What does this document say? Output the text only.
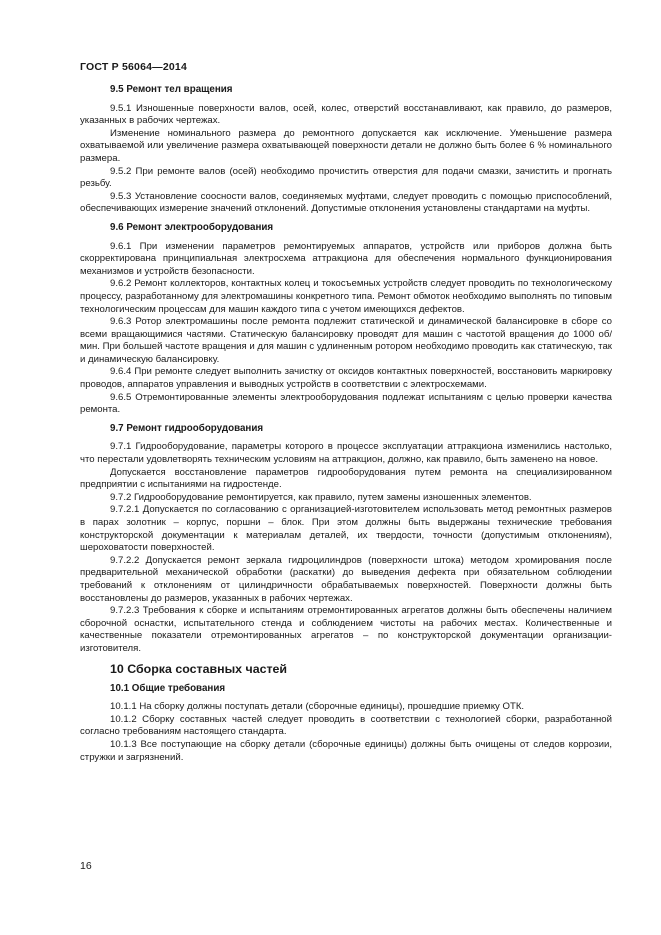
ГОСТ Р 56064—2014
9.5 Ремонт тел вращения

9.5.1 Изношенные поверхности валов, осей, колес, отверстий восстанавливают, как правило, до размеров, указанных в рабочих чертежах.

Изменение номинального размера до ремонтного допускается как исключение. Уменьшение размера охватываемой или увеличение размера охватывающей поверхности детали не должно быть более 6 % номинального размера.

9.5.2 При ремонте валов (осей) необходимо прочистить отверстия для подачи смазки, зачистить и прогнать резьбу.

9.5.3 Установление соосности валов, соединяемых муфтами, следует проводить с помощью приспособлений, обеспечивающих измерение значений отклонений. Допустимые отклонения установлены стандартами на муфты.

9.6 Ремонт электрооборудования

9.6.1 При изменении параметров ремонтируемых аппаратов, устройств или приборов должна быть скорректирована принципиальная электросхема аттракциона для обеспечения нормального функционирования механизмов и устройств безопасности.

9.6.2 Ремонт коллекторов, контактных колец и токосъемных устройств следует проводить по технологическому процессу, разработанному для электромашины конкретного типа. Ремонт обмоток необходимо выполнять по типовым технологическим процессам для машин каждого типа с учетом имеющихся дефектов.

9.6.3 Ротор электромашины после ремонта подлежит статической и динамической балансировке в сборе со всеми вращающимися частями. Статическую балансировку проводят для машин с частотой вращения до 1000 об/мин. При большей частоте вращения и для машин с удлиненным ротором необходимо проводить как статическую, так и динамическую балансировку.

9.6.4 При ремонте следует выполнить зачистку от оксидов контактных поверхностей, восстановить маркировку проводов, аппаратов управления и выводных устройств в соответствии с электросхемами.

9.6.5 Отремонтированные элементы электрооборудования подлежат испытаниям с целью проверки качества ремонта.

9.7 Ремонт гидрооборудования

9.7.1 Гидрооборудование, параметры которого в процессе эксплуатации аттракциона изменились настолько, что перестали удовлетворять техническим условиям на аттракцион, должно, как правило, быть заменено на новое.

Допускается восстановление параметров гидрооборудования путем ремонта на специализированном предприятии с испытаниями на гидростенде.

9.7.2 Гидрооборудование ремонтируется, как правило, путем замены изношенных элементов.

9.7.2.1 Допускается по согласованию с организацией-изготовителем использовать метод ремонтных размеров в парах золотник – корпус, поршни – блок. При этом должны быть выдержаны технические требования конструкторской документации к материалам деталей, их твердости, точности (допустимым отклонениям), шероховатости поверхностей.

9.7.2.2 Допускается ремонт зеркала гидроцилиндров (поверхности штока) методом хромирования после предварительной механической обработки (раскатки) до выведения дефекта при обязательном соблюдении требований к отклонениям от цилиндричности обрабатываемых поверхностей. Поверхности должны быть восстановлены до размеров, указанных в рабочих чертежах.

9.7.2.3 Требования к сборке и испытаниям отремонтированных агрегатов должны быть обеспечены наличием сборочной оснастки, испытательного стенда и соблюдением чистоты на рабочих местах. Количественные и качественные показатели отремонтированных агрегатов – по конструкторской документации организации-изготовителя.

10 Сборка составных частей
10.1 Общие требования

10.1.1 На сборку должны поступать детали (сборочные единицы), прошедшие приемку ОТК.

10.1.2 Сборку составных частей следует проводить в соответствии с технологией сборки, разработанной согласно требованиям настоящего стандарта.

10.1.3 Все поступающие на сборку детали (сборочные единицы) должны быть очищены от следов коррозии, стружки и загрязнений.

16
